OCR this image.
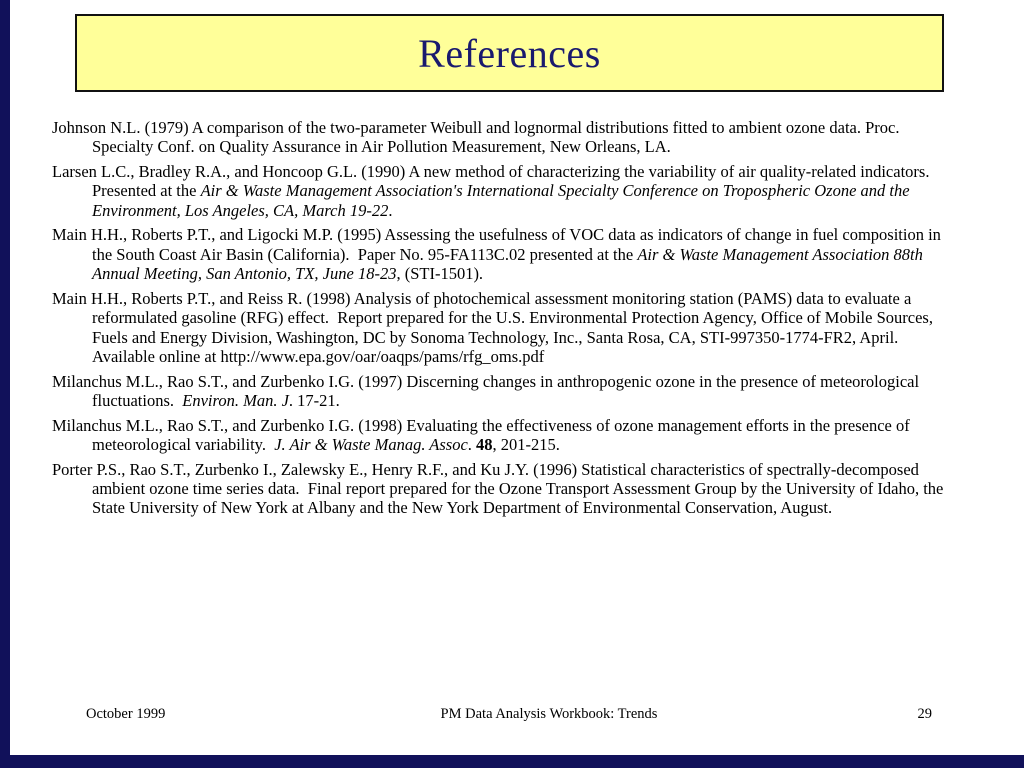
References

Johnson N.L. (1979) A comparison of the two-parameter Weibull and lognormal distributions fitted to ambient ozone data. Proc. Specialty Conf. on Quality Assurance in Air Pollution Measurement, New Orleans, LA.

Larsen L.C., Bradley R.A., and Honcoop G.L. (1990) A new method of characterizing the variability of air quality-related indicators.  Presented at the Air & Waste Management Association's International Specialty Conference on Tropospheric Ozone and the Environment, Los Angeles, CA, March 19-22.

Main H.H., Roberts P.T., and Ligocki M.P. (1995) Assessing the usefulness of VOC data as indicators of change in fuel composition in the South Coast Air Basin (California).  Paper No. 95-FA113C.02 presented at the Air & Waste Management Association 88th Annual Meeting, San Antonio, TX, June 18-23, (STI-1501).

Main H.H., Roberts P.T., and Reiss R. (1998) Analysis of photochemical assessment monitoring station (PAMS) data to evaluate a reformulated gasoline (RFG) effect.  Report prepared for the U.S. Environmental Protection Agency, Office of Mobile Sources, Fuels and Energy Division, Washington, DC by Sonoma Technology, Inc., Santa Rosa, CA, STI-997350-1774-FR2, April.  Available online at http://www.epa.gov/oar/oaqps/pams/rfg_oms.pdf

Milanchus M.L., Rao S.T., and Zurbenko I.G. (1997) Discerning changes in anthropogenic ozone in the presence of meteorological fluctuations.  Environ. Man. J. 17-21.

Milanchus M.L., Rao S.T., and Zurbenko I.G. (1998) Evaluating the effectiveness of ozone management efforts in the presence of meteorological variability.  J. Air & Waste Manag. Assoc. 48, 201-215.

Porter P.S., Rao S.T., Zurbenko I., Zalewsky E., Henry R.F., and Ku J.Y. (1996) Statistical characteristics of spectrally-decomposed ambient ozone time series data.  Final report prepared for the Ozone Transport Assessment Group by the University of Idaho, the State University of New York at Albany and the New York Department of Environmental Conservation, August.

October 1999	PM Data Analysis Workbook: Trends	29
